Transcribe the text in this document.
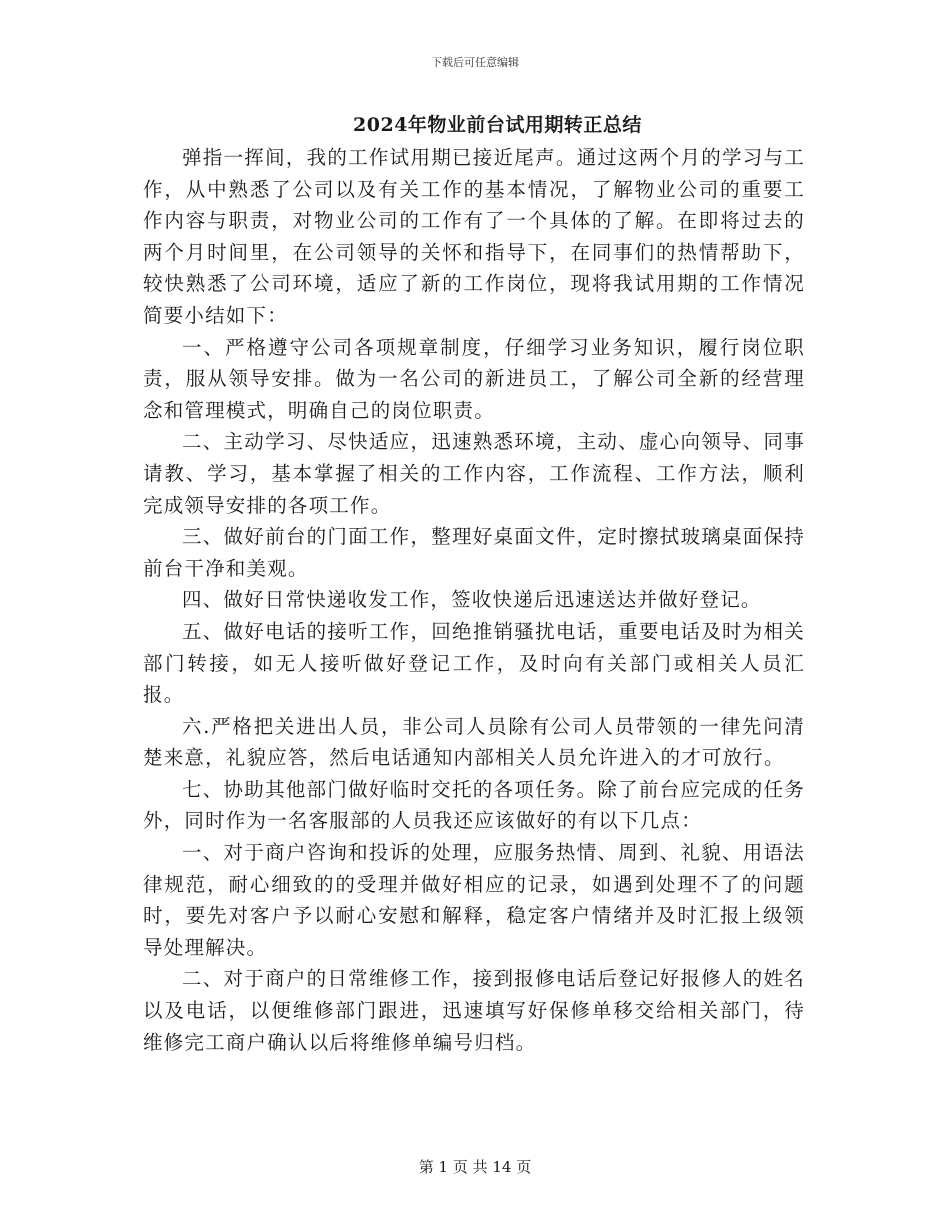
下载后可任意编辑
2024年物业前台试用期转正总结

弹指一挥间，我的工作试用期已接近尾声。通过这两个月的学习与工作，从中熟悉了公司以及有关工作的基本情况，了解物业公司的重要工作内容与职责，对物业公司的工作有了一个具体的了解。在即将过去的两个月时间里，在公司领导的关怀和指导下，在同事们的热情帮助下，较快熟悉了公司环境，适应了新的工作岗位，现将我试用期的工作情况简要小结如下：

一、严格遵守公司各项规章制度，仔细学习业务知识，履行岗位职责，服从领导安排。做为一名公司的新进员工，了解公司全新的经营理念和管理模式，明确自己的岗位职责。

二、主动学习、尽快适应，迅速熟悉环境，主动、虚心向领导、同事请教、学习，基本掌握了相关的工作内容，工作流程、工作方法，顺利完成领导安排的各项工作。

三、做好前台的门面工作，整理好桌面文件，定时擦拭玻璃桌面保持前台干净和美观。

四、做好日常快递收发工作，签收快递后迅速送达并做好登记。

五、做好电话的接听工作，回绝推销骚扰电话，重要电话及时为相关部门转接，如无人接听做好登记工作，及时向有关部门或相关人员汇报。

六.严格把关进出人员，非公司人员除有公司人员带领的一律先问清楚来意，礼貌应答，然后电话通知内部相关人员允许进入的才可放行。

七、协助其他部门做好临时交托的各项任务。除了前台应完成的任务外，同时作为一名客服部的人员我还应该做好的有以下几点：

一、对于商户咨询和投诉的处理，应服务热情、周到、礼貌、用语法律规范，耐心细致的的受理并做好相应的记录，如遇到处理不了的问题时，要先对客户予以耐心安慰和解释，稳定客户情绪并及时汇报上级领导处理解决。

二、对于商户的日常维修工作，接到报修电话后登记好报修人的姓名以及电话，以便维修部门跟进，迅速填写好保修单移交给相关部门，待维修完工商户确认以后将维修单编号归档。

第 1 页 共 14 页
